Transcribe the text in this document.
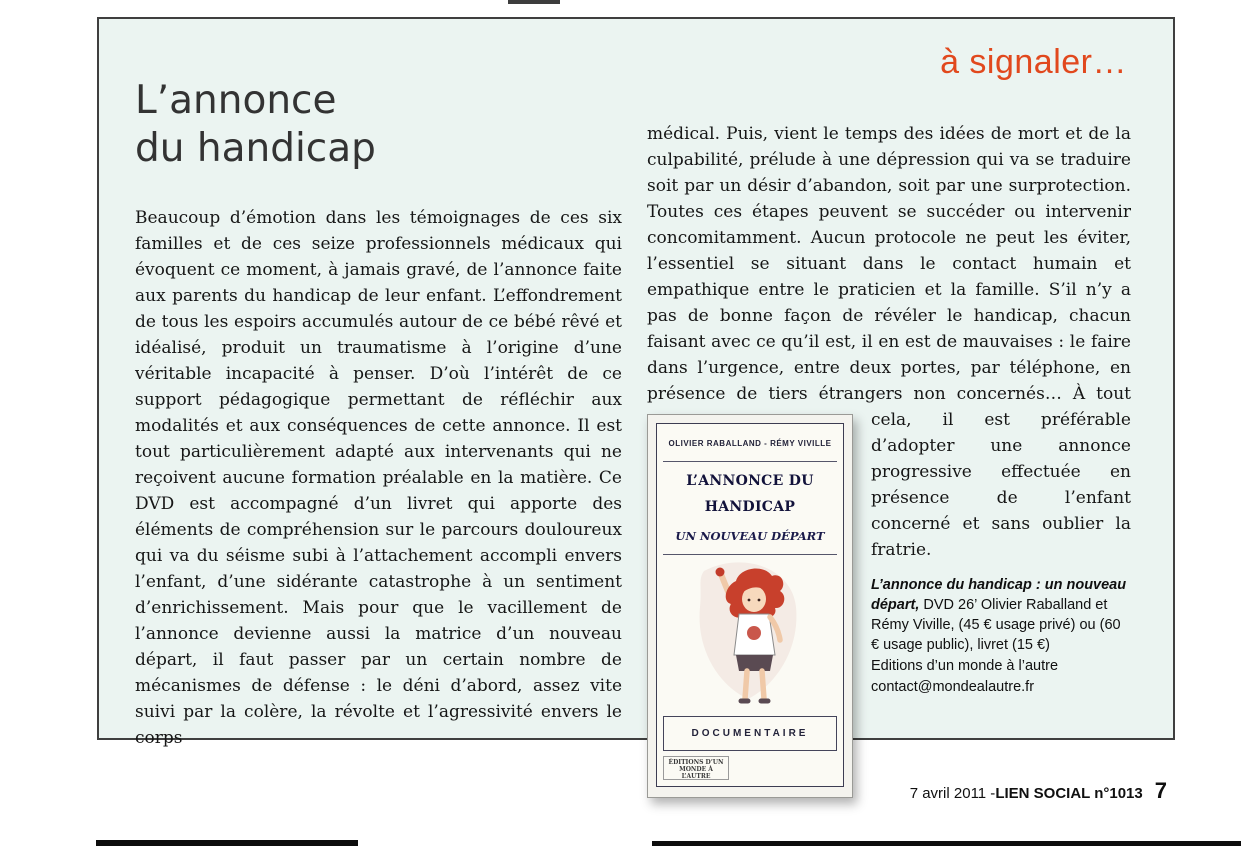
à signaler…
L’annonce
du handicap
Beaucoup d’émotion dans les témoignages de ces six familles et de ces seize professionnels médicaux qui évoquent ce moment, à jamais gravé, de l’annonce faite aux parents du handicap de leur enfant. L’effondrement de tous les espoirs accumulés autour de ce bébé rêvé et idéalisé, produit un traumatisme à l’origine d’une véritable incapacité à penser. D’où l’intérêt de ce support pédagogique permettant de réfléchir aux modalités et aux conséquences de cette annonce. Il est tout particulièrement adapté aux intervenants qui ne reçoivent aucune formation préalable en la matière. Ce DVD est accompagné d’un livret qui apporte des éléments de compréhension sur le parcours douloureux qui va du séisme subi à l’attachement accompli envers l’enfant, d’une sidérante catastrophe à un sentiment d’enrichissement. Mais pour que le vacillement de l’annonce devienne aussi la matrice d’un nouveau départ, il faut passer par un certain nombre de mécanismes de défense : le déni d’abord, assez vite suivi par la colère, la révolte et l’agressivité envers le corps
médical. Puis, vient le temps des idées de mort et de la culpabilité, prélude à une dépression qui va se traduire soit par un désir d’abandon, soit par une surprotection. Toutes ces étapes peuvent se succéder ou intervenir concomitamment. Aucun protocole ne peut les éviter, l’essentiel se situant dans le contact humain et empathique entre le praticien et la famille. S’il n’y a pas de bonne façon de révéler le handicap, chacun faisant avec ce qu’il est, il en est de mauvaises : le faire dans l’urgence, entre deux portes, par téléphone, en présence de tiers étrangers non concernés… À tout
OLIVIER RABALLAND - RÉMY VIVILLE
L’ANNONCE DU HANDICAP
UN NOUVEAU DÉPART
DOCUMENTAIRE
ÉDITIONS D’UN MONDE À L’AUTRE
cela, il est préférable d’adopter une annonce progressive effectuée en présence de l’enfant concerné et sans oublier la fratrie.
L’annonce du handicap : un nouveau départ, DVD 26’ Olivier Raballand et Rémy Viville, (45 € usage privé) ou (60 € usage public), livret (15 €)
Editions d’un monde à l’autre
contact@mondealautre.fr
7 avril 2011 - LIEN SOCIAL n°1013 7
